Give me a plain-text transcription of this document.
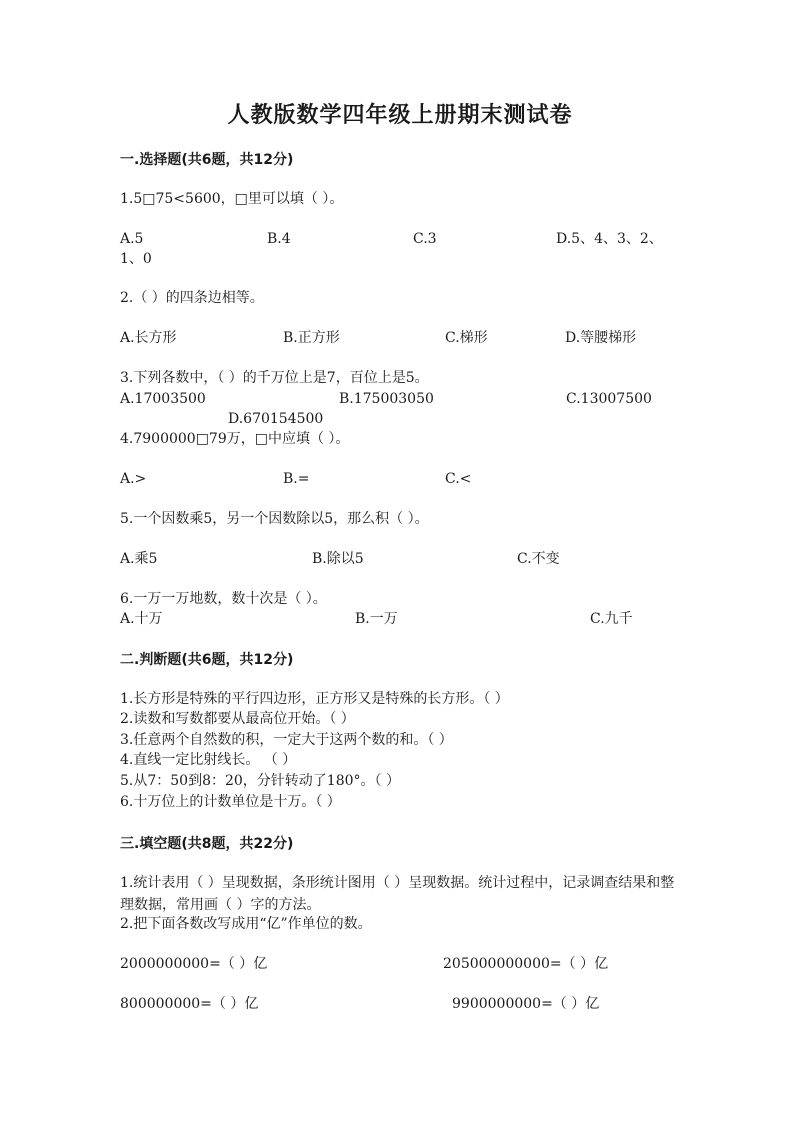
人教版数学四年级上册期末测试卷
一.选择题(共6题，共12分)
1.5□75<5600，□里可以填（ ）。
A.5	B.4	C.3	D.5、4、3、2、
1、0
2.（ ）的四条边相等。
A.长方形	B.正方形	C.梯形	D.等腰梯形
3.下列各数中，（ ）的千万位上是7，百位上是5。
A.17003500	B.175003050	C.13007500
D.670154500
4.7900000□79万，□中应填（ ）。
A.>	B.=	C.<
5.一个因数乘5，另一个因数除以5，那么积（ ）。
A.乘5	B.除以5	C.不变
6.一万一万地数，数十次是（ ）。
A.十万	B.一万	C.九千
二.判断题(共6题，共12分)
1.长方形是特殊的平行四边形，正方形又是特殊的长方形。（ ）
2.读数和写数都要从最高位开始。（ ）
3.任意两个自然数的积，一定大于这两个数的和。（ ）
4.直线一定比射线长。 （ ）
5.从7：50到8：20，分针转动了180°。（ ）
6.十万位上的计数单位是十万。（ ）
三.填空题(共8题，共22分)
1.统计表用（ ）呈现数据，条形统计图用（ ）呈现数据。统计过程中，记录调查结果和整理数据，常用画（ ）字的方法。
2.把下面各数改写成用“亿”作单位的数。
2000000000=（ ）亿	205000000000=（ ）亿
800000000=（ ）亿	9900000000=（ ）亿
